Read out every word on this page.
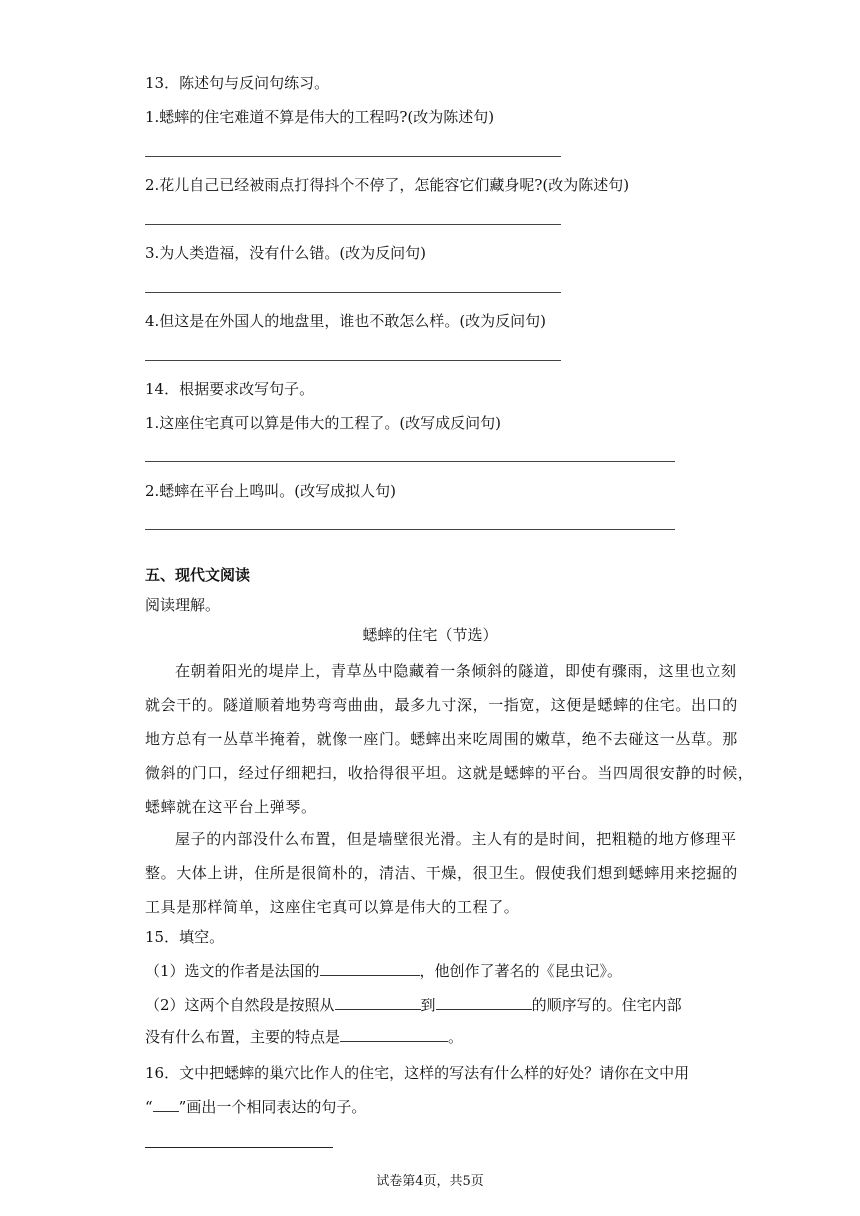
13．陈述句与反问句练习。
1.蟋蟀的住宅难道不算是伟大的工程吗?(改为陈述句)
2.花儿自己已经被雨点打得抖个不停了，怎能容它们藏身呢?(改为陈述句)
3.为人类造福，没有什么错。(改为反问句)
4.但这是在外国人的地盘里，谁也不敢怎么样。(改为反问句)
14．根据要求改写句子。
1.这座住宅真可以算是伟大的工程了。(改写成反问句)
2.蟋蟀在平台上鸣叫。(改写成拟人句)
五、现代文阅读
阅读理解。
蟋蟀的住宅（节选）
在朝着阳光的堤岸上，青草丛中隐藏着一条倾斜的隧道，即使有骤雨，这里也立刻
就会干的。隧道顺着地势弯弯曲曲，最多九寸深，一指宽，这便是蟋蟀的住宅。出口的
地方总有一丛草半掩着，就像一座门。蟋蟀出来吃周围的嫩草，绝不去碰这一丛草。那
微斜的门口，经过仔细耙扫，收拾得很平坦。这就是蟋蟀的平台。当四周很安静的时候，
蟋蟀就在这平台上弹琴。
屋子的内部没什么布置，但是墙壁很光滑。主人有的是时间，把粗糙的地方修理平
整。大体上讲，住所是很简朴的，清洁、干燥，很卫生。假使我们想到蟋蟀用来挖掘的
工具是那样简单，这座住宅真可以算是伟大的工程了。
15．填空。
（1）选文的作者是法国的	，他创作了著名的《昆虫记》。
（2）这两个自然段是按照从	到	的顺序写的。住宅内部
没有什么布置，主要的特点是	。
16．文中把蟋蟀的巢穴比作人的住宅，这样的写法有什么样的好处？请你在文中用
“ ”画出一个相同表达的句子。
试卷第4页，共5页
